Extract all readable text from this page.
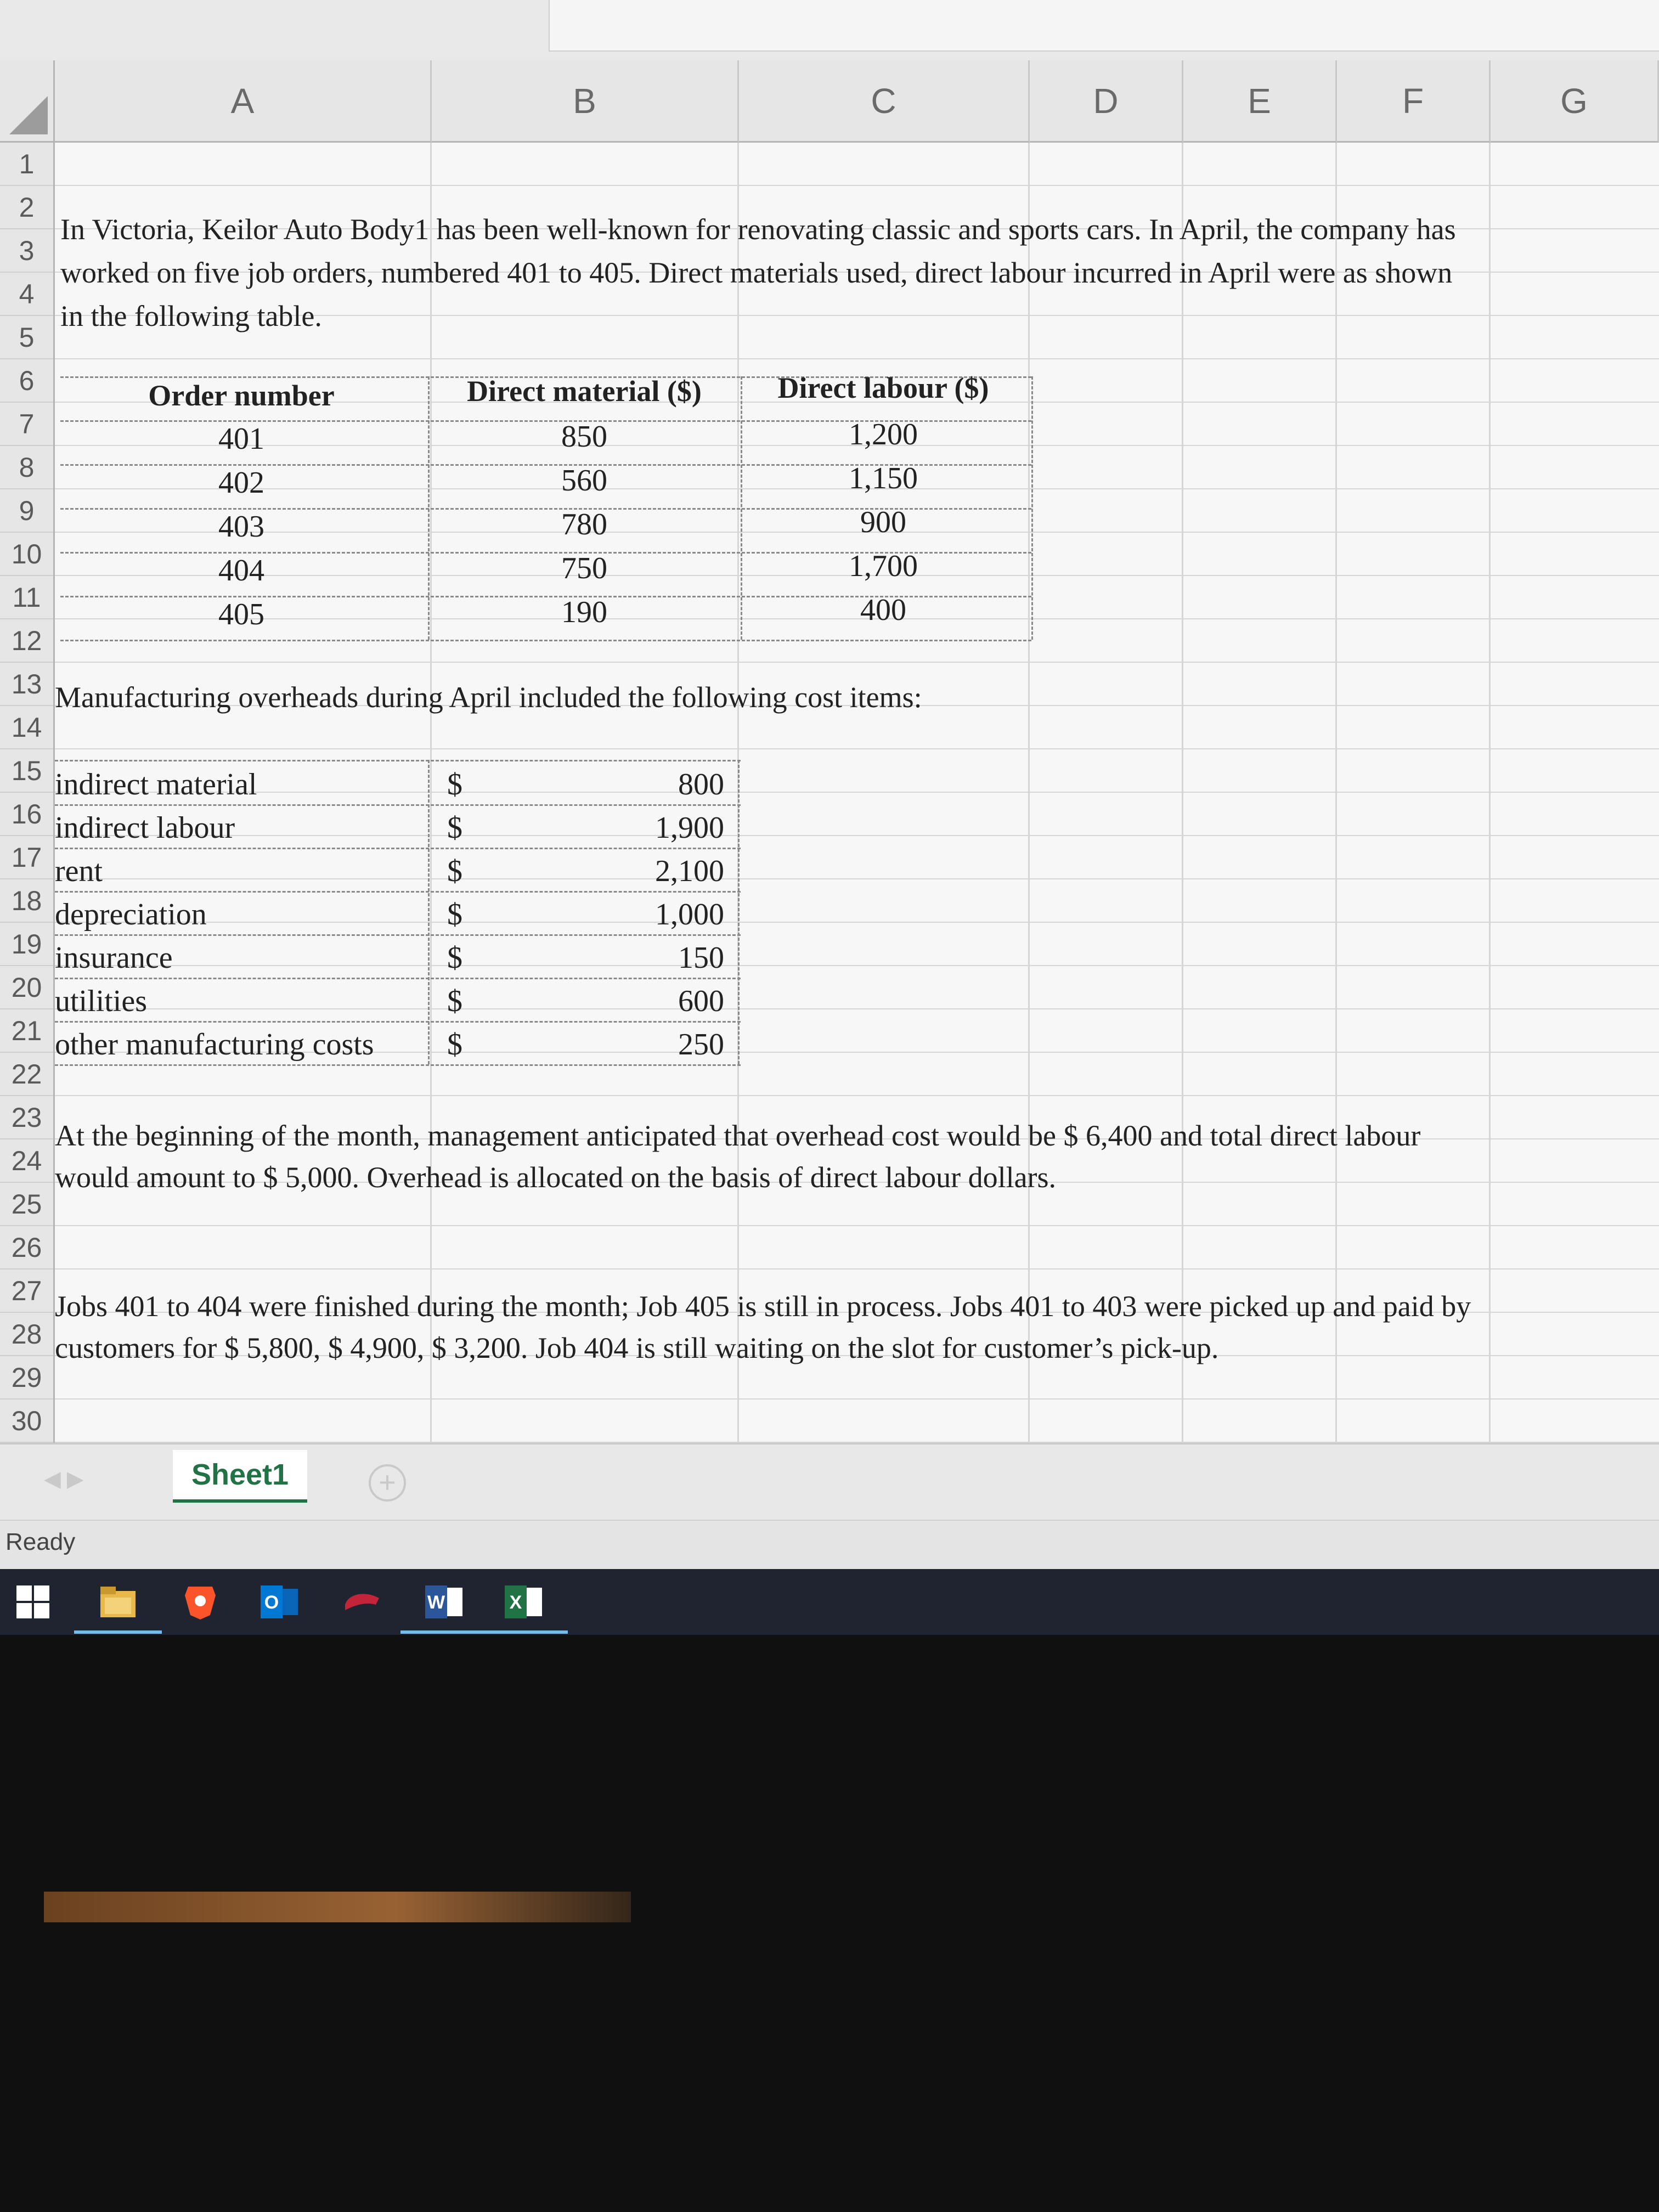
A	B	C	D	E	F	G
1
2
3
4
5
6
7
8
9
10
11
12
13
14
15
16
17
18
19
20
21
22
23
24
25
26
27
28
29
30
In Victoria, Keilor Auto Body1 has been well-known for renovating classic and sports cars. In April, the company has
worked on five job orders, numbered 401 to 405. Direct materials used, direct labour incurred in April were as shown
in the following table.
Order number	Direct material ($)	Direct labour ($)
401	850	1,200
402	560	1,150
403	780	900
404	750	1,700
405	190	400
Manufacturing overheads during April included the following cost items:
indirect material	$	800
indirect labour	$	1,900
rent	$	2,100
depreciation	$	1,000
insurance	$	150
utilities	$	600
other manufacturing costs $	250
At the beginning of the month, management anticipated that overhead cost would be $ 6,400 and total direct labour
would amount to $ 5,000. Overhead is allocated on the basis of direct labour dollars.
Jobs 401 to 404 were finished during the month; Job 405 is still in process. Jobs 401 to 403 were picked up and paid by
customers for $ 5,800, $ 4,900, $ 3,200. Job 404 is still waiting on the slot for customer’s pick-up.
◀ ▶	Sheet1	+
Ready
O	W	X
